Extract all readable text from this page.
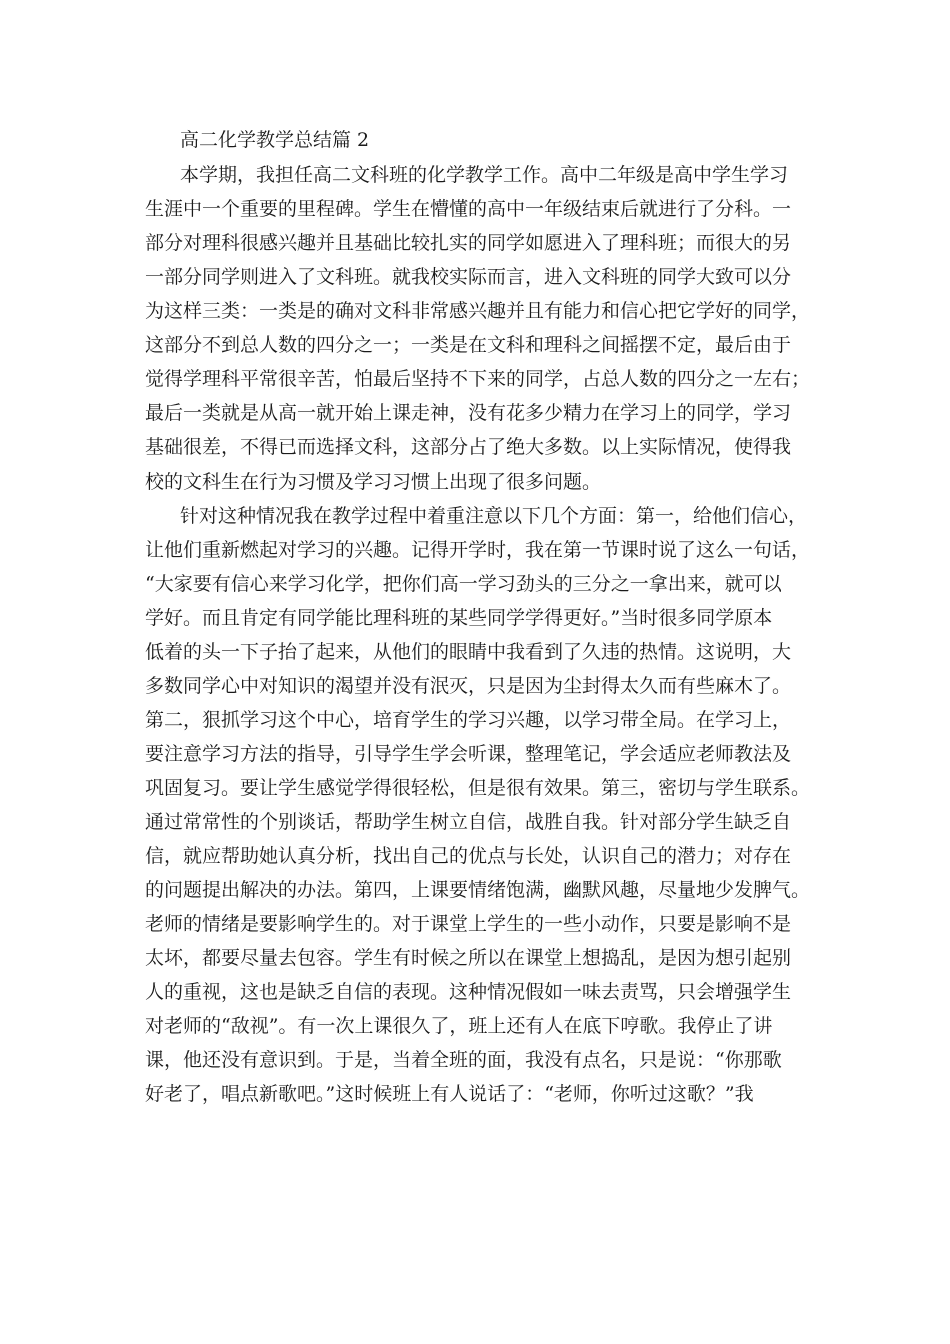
高二化学教学总结篇 2
本学期，我担任高二文科班的化学教学工作。高中二年级是高中学生学习
生涯中一个重要的里程碑。学生在懵懂的高中一年级结束后就进行了分科。一
部分对理科很感兴趣并且基础比较扎实的同学如愿进入了理科班；而很大的另
一部分同学则进入了文科班。就我校实际而言，进入文科班的同学大致可以分
为这样三类：一类是的确对文科非常感兴趣并且有能力和信心把它学好的同学，
这部分不到总人数的四分之一；一类是在文科和理科之间摇摆不定，最后由于
觉得学理科平常很辛苦，怕最后坚持不下来的同学，占总人数的四分之一左右；
最后一类就是从高一就开始上课走神，没有花多少精力在学习上的同学，学习
基础很差，不得已而选择文科，这部分占了绝大多数。以上实际情况，使得我
校的文科生在行为习惯及学习习惯上出现了很多问题。
针对这种情况我在教学过程中着重注意以下几个方面：第一，给他们信心，
让他们重新燃起对学习的兴趣。记得开学时，我在第一节课时说了这么一句话，
“大家要有信心来学习化学，把你们高一学习劲头的三分之一拿出来，就可以
学好。而且肯定有同学能比理科班的某些同学学得更好。”当时很多同学原本
低着的头一下子抬了起来，从他们的眼睛中我看到了久违的热情。这说明，大
多数同学心中对知识的渴望并没有泯灭，只是因为尘封得太久而有些麻木了。
第二，狠抓学习这个中心，培育学生的学习兴趣，以学习带全局。在学习上，
要注意学习方法的指导，引导学生学会听课，整理笔记，学会适应老师教法及
巩固复习。要让学生感觉学得很轻松，但是很有效果。第三，密切与学生联系。
通过常常性的个别谈话，帮助学生树立自信，战胜自我。针对部分学生缺乏自
信，就应帮助她认真分析，找出自己的优点与长处，认识自己的潜力；对存在
的问题提出解决的办法。第四，上课要情绪饱满，幽默风趣，尽量地少发脾气。
老师的情绪是要影响学生的。对于课堂上学生的一些小动作，只要是影响不是
太坏，都要尽量去包容。学生有时候之所以在课堂上想捣乱，是因为想引起别
人的重视，这也是缺乏自信的表现。这种情况假如一味去责骂，只会增强学生
对老师的“敌视”。有一次上课很久了，班上还有人在底下哼歌。我停止了讲
课，他还没有意识到。于是，当着全班的面，我没有点名，只是说：“你那歌
好老了，唱点新歌吧。”这时候班上有人说话了：“老师，你听过这歌？”我
